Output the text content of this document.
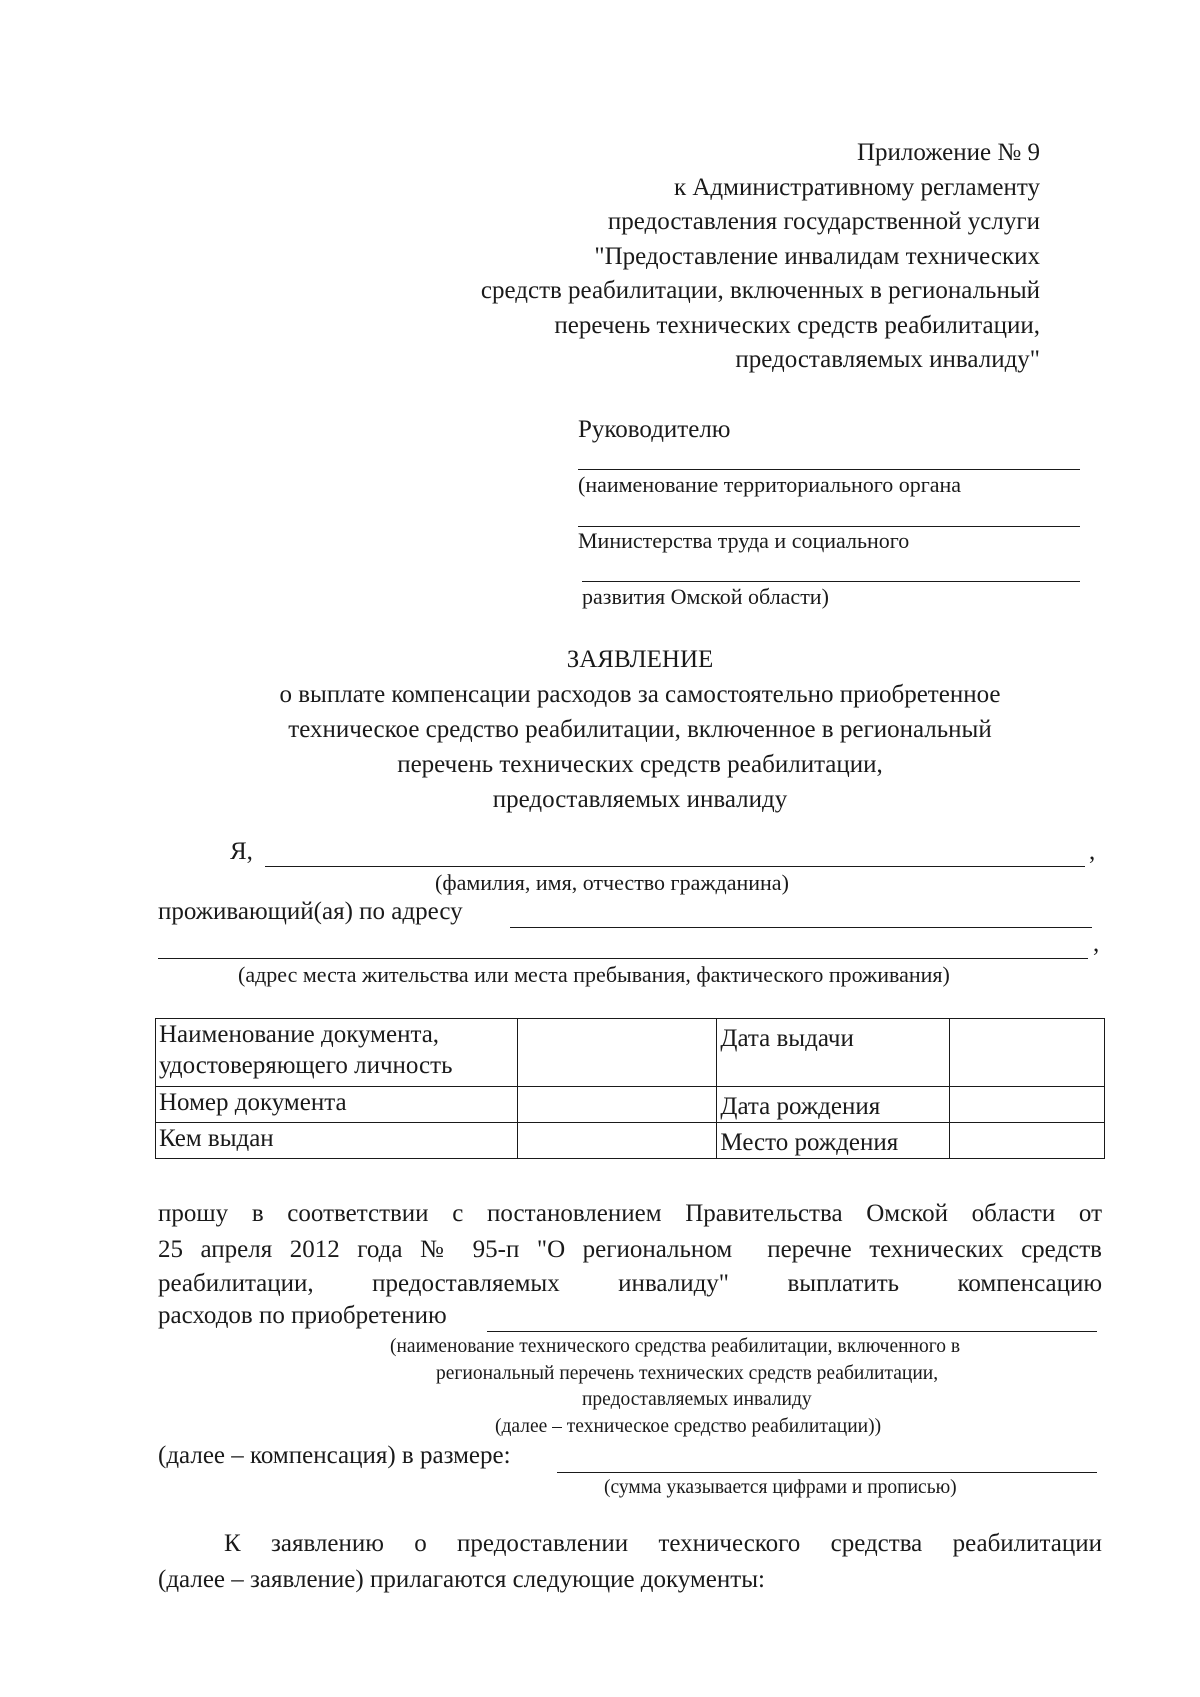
Приложение № 9
к Административному регламенту
предоставления государственной услуги
"Предоставление инвалидам технических
средств реабилитации, включенных в региональный
перечень технических средств реабилитации,
предоставляемых инвалиду"
Руководителю
(наименование территориального органа
Министерства труда и социального
развития Омской области)
ЗАЯВЛЕНИЕ
о выплате компенсации расходов за самостоятельно приобретенное
техническое средство реабилитации, включенное в региональный
перечень технических средств реабилитации,
предоставляемых инвалиду
Я,	,
(фамилия, имя, отчество гражданина)
проживающий(ая) по адресу
,
(адрес места жительства или места пребывания, фактического проживания)
Наименование документа, удостоверяющего личность		Дата выдачи	
Номер документа		Дата рождения	
Кем выдан		Место рождения	
прошу в соответствии с постановлением Правительства Омской области от
25 апреля 2012 года № 95-п "О региональном  перечне технических средств
реабилитации, предоставляемых инвалиду" выплатить компенсацию
расходов по приобретению
(наименование технического средства реабилитации, включенного в
региональный перечень технических средств реабилитации,
предоставляемых инвалиду
(далее – техническое средство реабилитации))
(далее – компенсация) в размере:
(сумма указывается цифрами и прописью)
К заявлению о предоставлении технического средства реабилитации
(далее – заявление) прилагаются следующие документы:
